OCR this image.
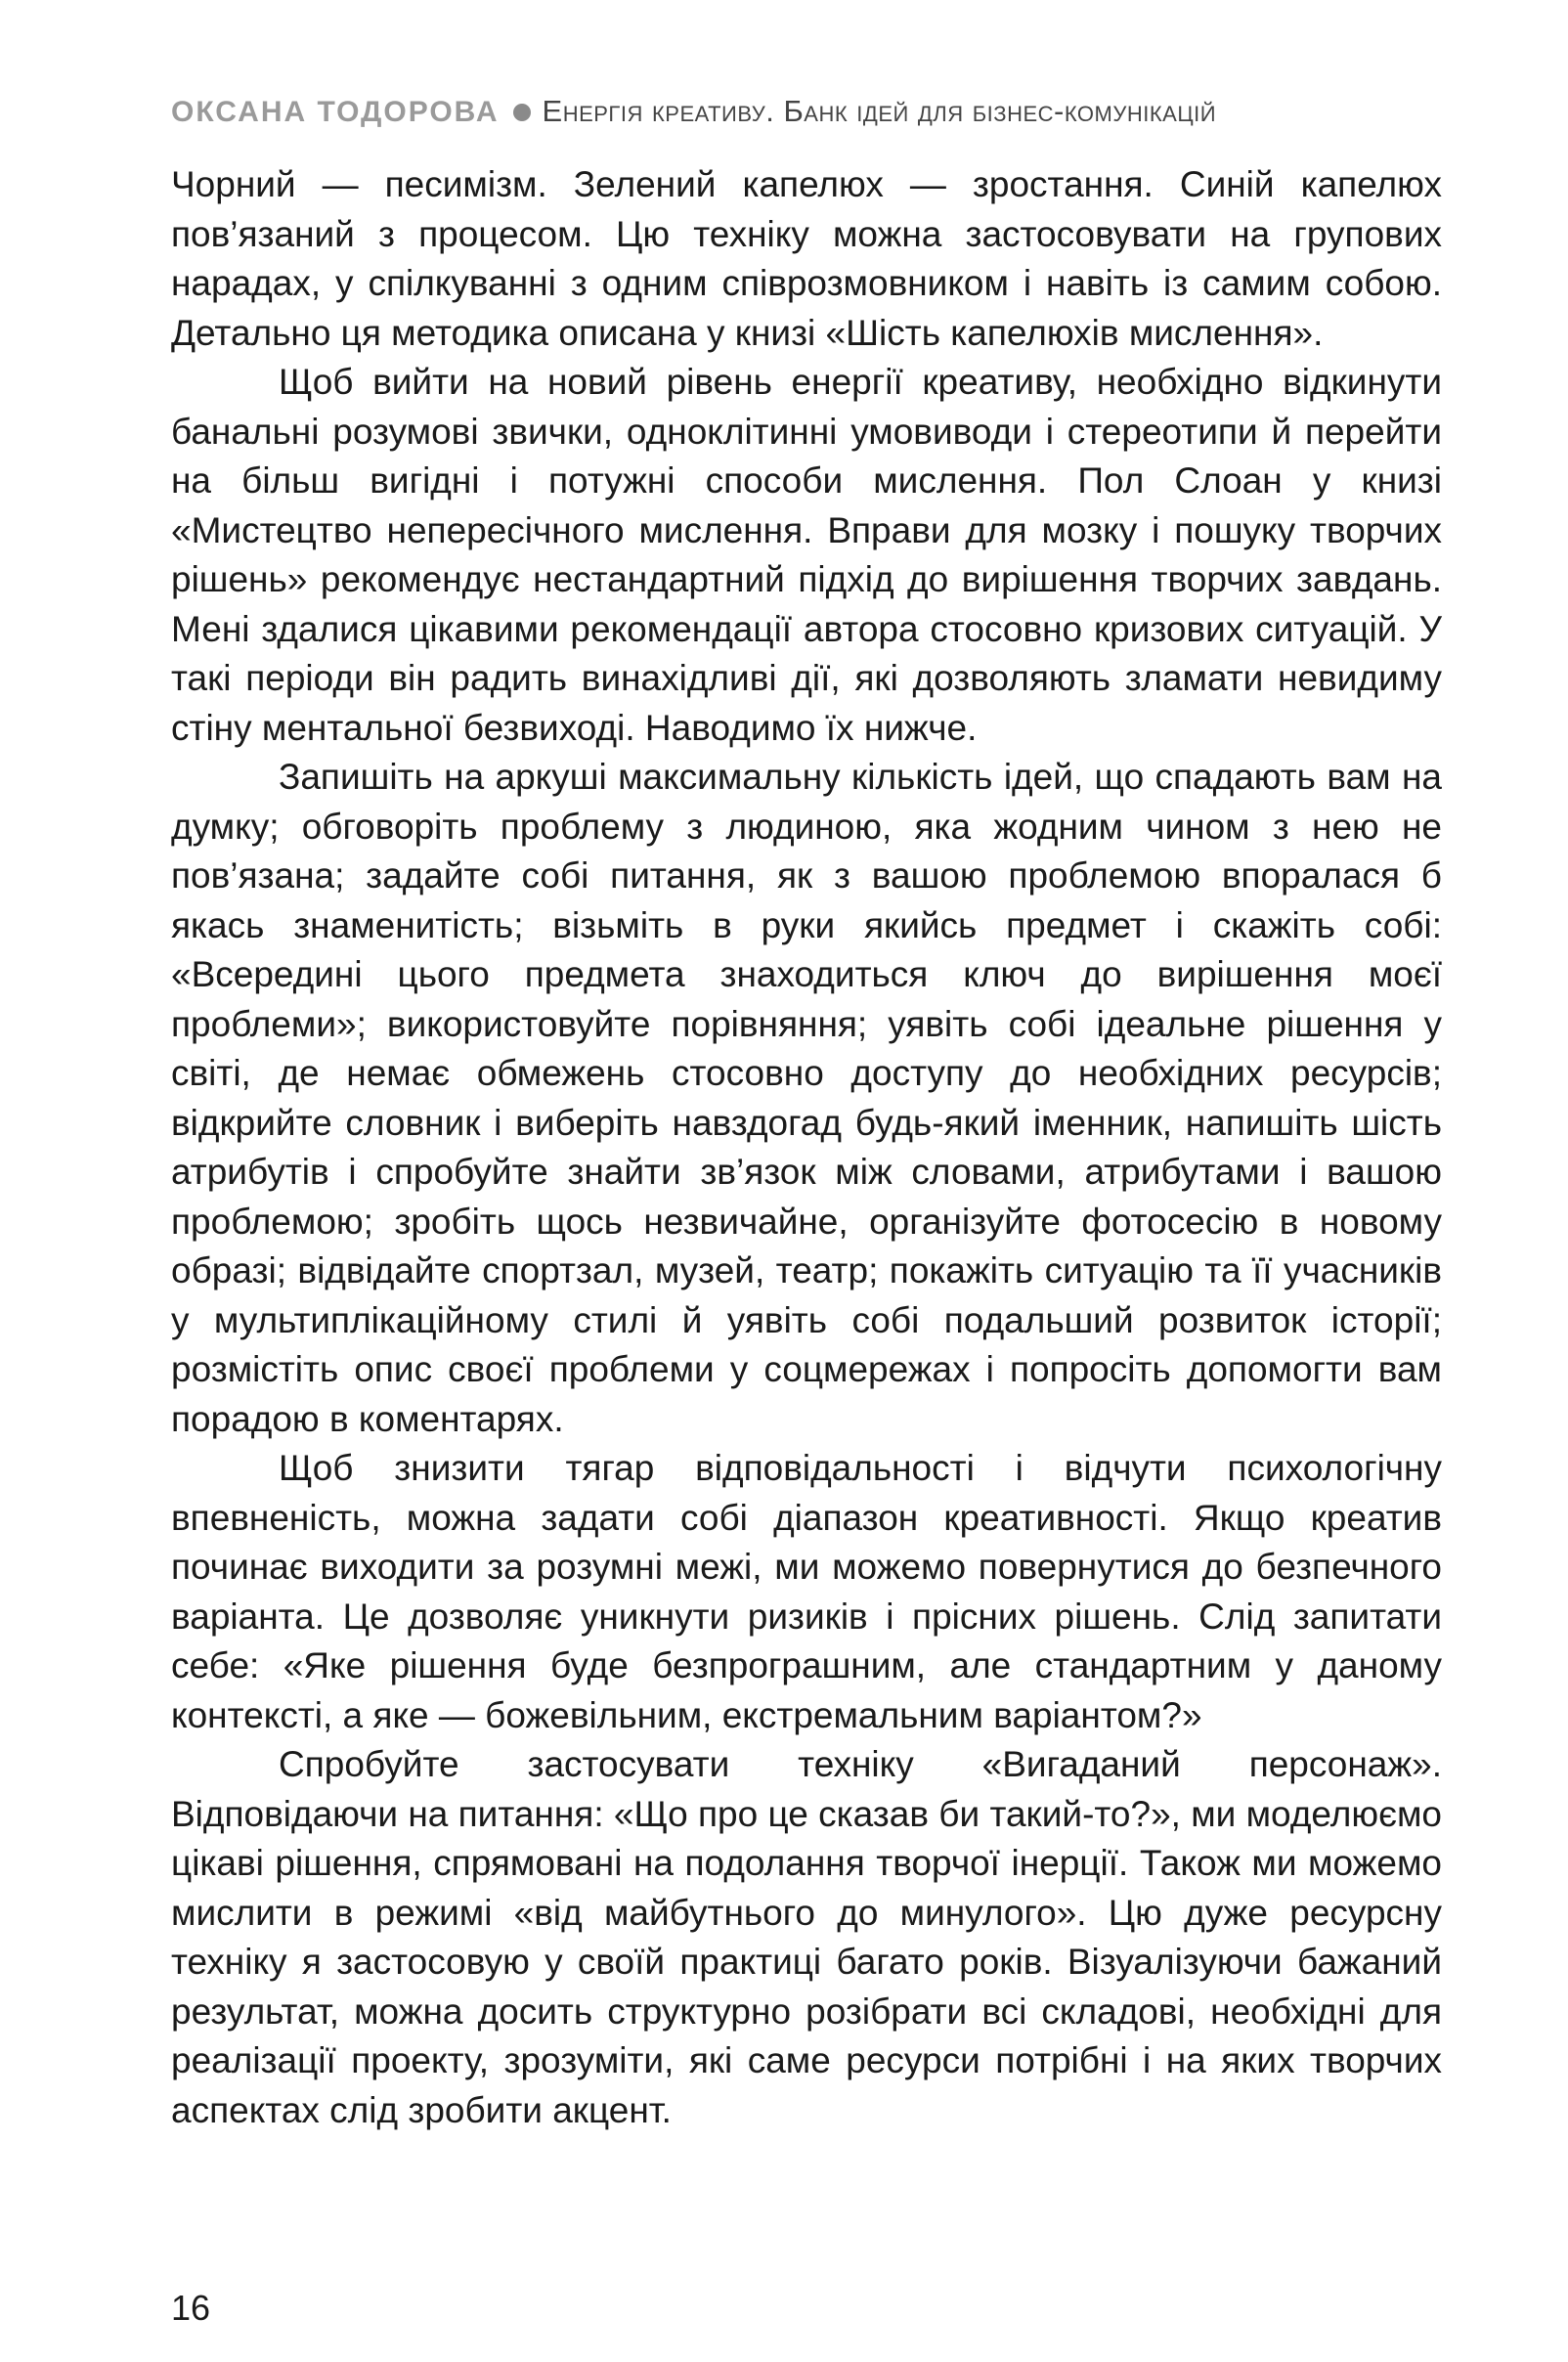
ОКСАНА ТОДОРОВА Енергія креативу. Банк ідей для бізнес-комунікацій

Чорний — песимізм. Зелений капелюх — зростання. Синій капелюх пов’язаний з процесом. Цю техніку можна застосовувати на групових нарадах, у спілкуванні з одним співрозмовником і навіть із самим собою. Детально ця методика описана у книзі «Шість капелюхів мислення».

Щоб вийти на новий рівень енергії креативу, необхідно відкинути банальні розумові звички, одноклітинні умовиводи і стереотипи й перейти на більш вигідні і потужні способи мислення. Пол Слоан у книзі «Мистецтво непересічного мислення. Вправи для мозку і пошуку творчих рішень» рекомендує нестандартний підхід до вирішення творчих завдань. Мені здалися цікавими рекомендації автора стосовно кризових ситуацій. У такі періоди він радить винахідливі дії, які дозволяють зламати невидиму стіну ментальної безвиході. Наводимо їх нижче.

Запишіть на аркуші максимальну кількість ідей, що спадають вам на думку; обговоріть проблему з людиною, яка жодним чином з нею не пов’язана; задайте собі питання, як з вашою проблемою впоралася б якась знаменитість; візьміть в руки якийсь предмет і скажіть собі: «Всередині цього предмета знаходиться ключ до вирішення моєї проблеми»; використовуйте порівняння; уявіть собі ідеальне рішення у світі, де немає обмежень стосовно доступу до необхідних ресурсів; відкрийте словник і виберіть навздогад будь-який іменник, напишіть шість атрибутів і спробуйте знайти зв’язок між словами, атрибутами і вашою проблемою; зробіть щось незвичайне, організуйте фотосесію в новому образі; відвідайте спортзал, музей, театр; покажіть ситуацію та її учасників у мультиплікаційному стилі й уявіть собі подальший розвиток історії; розмістіть опис своєї проблеми у соцмережах і попросіть допомогти вам порадою в коментарях.

Щоб знизити тягар відповідальності і відчути психологічну впевненість, можна задати собі діапазон креативності. Якщо креатив починає виходити за розумні межі, ми можемо повернутися до безпечного варіанта. Це дозволяє уникнути ризиків і прісних рішень. Слід запитати себе: «Яке рішення буде безпрограшним, але стандартним у даному контексті, а яке — божевільним, екстремальним варіантом?»

Спробуйте застосувати техніку «Вигаданий персонаж». Відповідаючи на питання: «Що про це сказав би такий-то?», ми моделюємо цікаві рішення, спрямовані на подолання творчої інерції. Також ми можемо мислити в режимі «від майбутнього до минулого». Цю дуже ресурсну техніку я застосовую у своїй практиці багато років. Візуалізуючи бажаний результат, можна досить структурно розібрати всі складові, необхідні для реалізації проекту, зрозуміти, які саме ресурси потрібні і на яких творчих аспектах слід зробити акцент.

16
